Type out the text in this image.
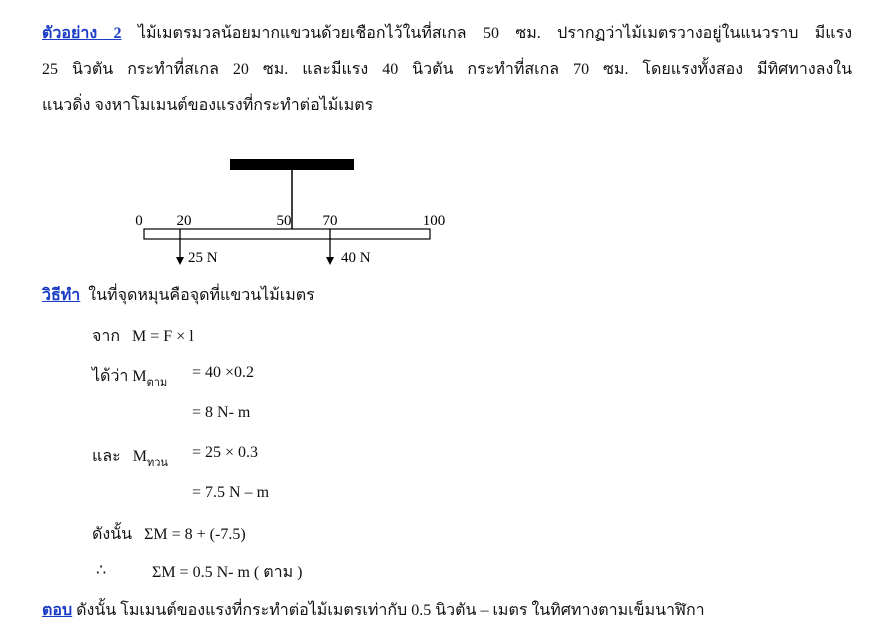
ตัวอย่าง 2 ไม้เมตรมวลน้อยมากแขวนด้วยเชือกไว้ในที่สเกล 50 ซม. ปรากฏว่าไม้เมตรวางอยู่ในแนวราบ มีแรง
25 นิวตัน กระทำที่สเกล 20 ซม. และมีแรง 40 นิวตัน กระทำที่สเกล 70 ซม. โดยแรงทั้งสอง มีทิศทางลงใน
แนวดิ่ง จงหาโมเมนต์ของแรงที่กระทำต่อไม้เมตร
0 20	50 70	100
25 N	40 N
วิธีทำ ในที่จุดหมุนคือจุดที่แขวนไม้เมตร
จาก M = F × l
ได้ว่า $M_{ตาม}$
= 40 ×0.2
= 8 N- m
และ $M_{ทวน}$
= 25 × 0.3
= 7.5 N – m
ดังนั้น ΣM = 8 + (-7.5)
∴	ΣM = 0.5 N- m ( ตาม )
ตอบ ดังนั้น โมเมนต์ของแรงที่กระทำต่อไม้เมตรเท่ากับ 0.5 นิวตัน – เมตร ในทิศทางตามเข็มนาฬิกา
